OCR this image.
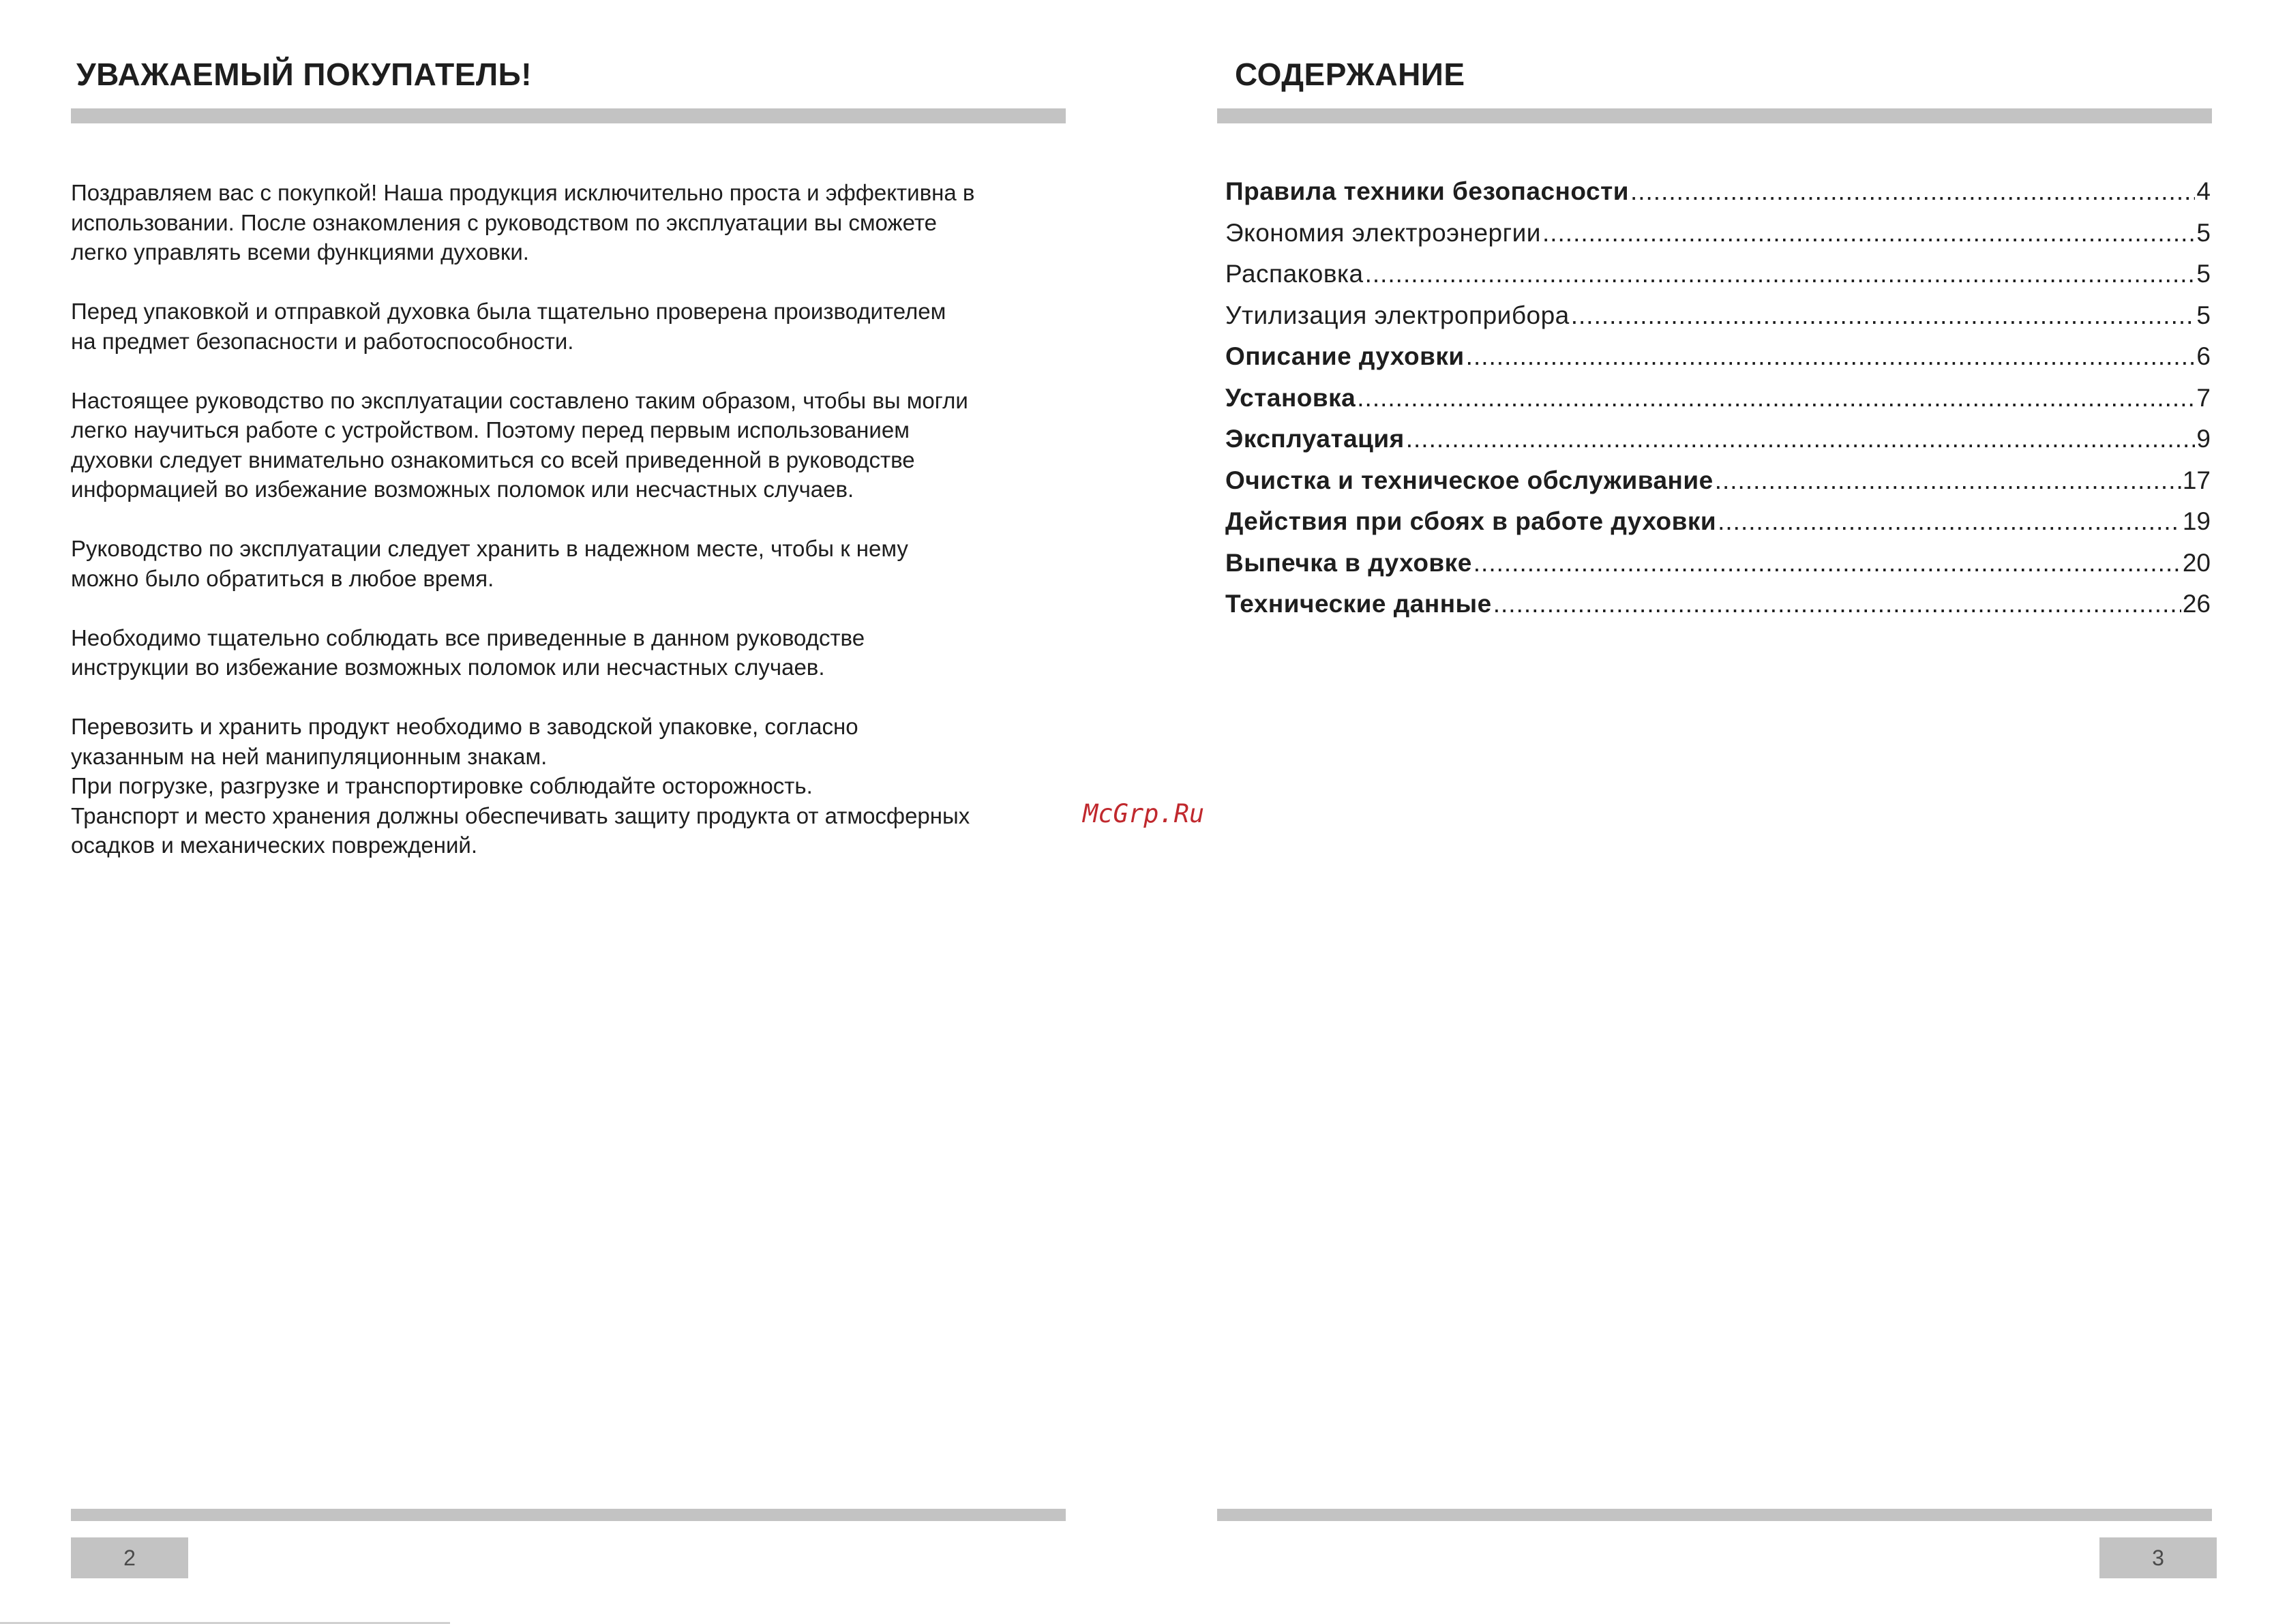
УВАЖАЕМЫЙ ПОКУПАТЕЛЬ!

Поздравляем вас с покупкой! Наша продукция исключительно проста и эффективна в
использовании. После ознакомления с руководством по эксплуатации вы сможете
легко управлять всеми функциями духовки.

Перед упаковкой и отправкой духовка была тщательно проверена производителем
на предмет безопасности и работоспособности.

Настоящее руководство по эксплуатации составлено таким образом, чтобы вы могли
легко научиться работе с устройством. Поэтому перед первым использованием
духовки следует внимательно ознакомиться со всей приведенной в руководстве
информацией во избежание возможных поломок или несчастных случаев.

Руководство по эксплуатации следует хранить в надежном месте, чтобы к нему
можно было обратиться в любое время.

Необходимо тщательно соблюдать все приведенные в данном руководстве
инструкции во избежание возможных поломок или несчастных случаев.

Перевозить и хранить продукт необходимо в заводской упаковке, согласно
указанным на ней манипуляционным знакам.
При погрузке, разгрузке и транспортировке соблюдайте осторожность.
Транспорт и место хранения должны обеспечивать защиту продукта от атмосферных
осадков и механических повреждений.

2
McGrp.Ru
СОДЕРЖАНИЕ
Правила техники безопасности .....	4
Экономия электроэнергии .....	5
Распаковка .....	5
Утилизация электроприбора .....	5
Описание духовки .....	6
Установка .....	7
Эксплуатация .....	9
Очистка и техническое обслуживание .....	17
Действия при сбоях в работе духовки .....	19
Выпечка в духовке .....	20
Технические данные .....	26
3
